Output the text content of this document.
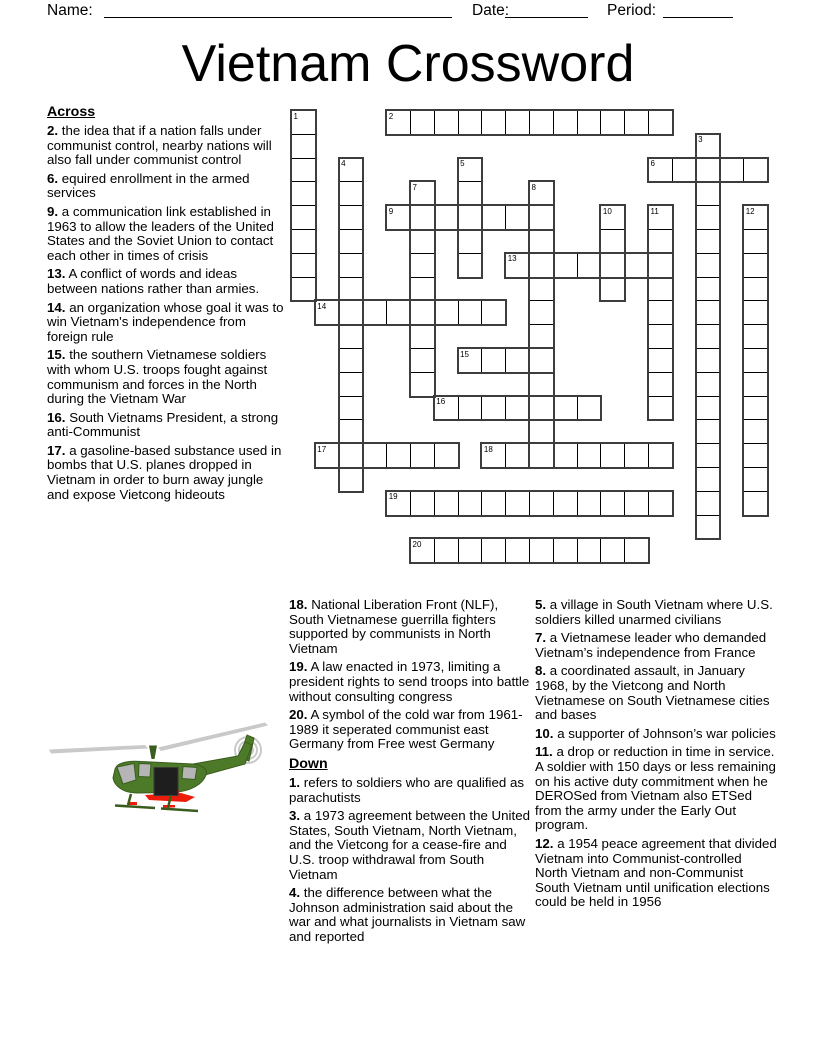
Name:	Date:	Period:
Vietnam Crossword
1	2
3
4	5	6
7	8
9	10	11	12
13
14
15
16
17	18
19
20
Across

2. the idea that if a nation falls under communist control, nearby nations will also fall under communist control

6. equired enrollment in the armed services

9. a communication link established in 1963 to allow the leaders of the United States and the Soviet Union to contact each other in times of crisis

13. A conflict of words and ideas between nations rather than armies.

14. an organization whose goal it was to win Vietnam's independence from foreign rule

15. the southern Vietnamese soldiers with whom U.S. troops fought against communism and forces in the North during the Vietnam War

16. South Vietnams President, a strong anti-Communist

17. a gasoline-based substance used in bombs that U.S. planes dropped in Vietnam in order to burn away jungle and expose Vietcong hideouts

18. National Liberation Front (NLF), South Vietnamese guerrilla fighters supported by communists in North Vietnam

19. A law enacted in 1973, limiting a president rights to send troops into battle without consulting congress

20. A symbol of the cold war from 1961-1989 it seperated communist east Germany from Free west Germany

Down

1. refers to soldiers who are qualified as parachutists

3. a 1973 agreement between the United States, South Vietnam, North Vietnam, and the Vietcong for a cease-fire and U.S. troop withdrawal from South Vietnam

4. the difference between what the Johnson administration said about the war and what journalists in Vietnam saw and reported

5. a village in South Vietnam where U.S. soldiers killed unarmed civilians

7. a Vietnamese leader who demanded Vietnam’s independence from France

8. a coordinated assault, in January 1968, by the Vietcong and North Vietnamese on South Vietnamese cities and bases

10. a supporter of Johnson’s war policies

11. a drop or reduction in time in service. A soldier with 150 days or less remaining on his active duty commitment when he DEROSed from Vietnam also ETSed from the army under the Early Out program.

12. a 1954 peace agreement that divided Vietnam into Communist-controlled North Vietnam and non-Communist South Vietnam until unification elections could be held in 1956
